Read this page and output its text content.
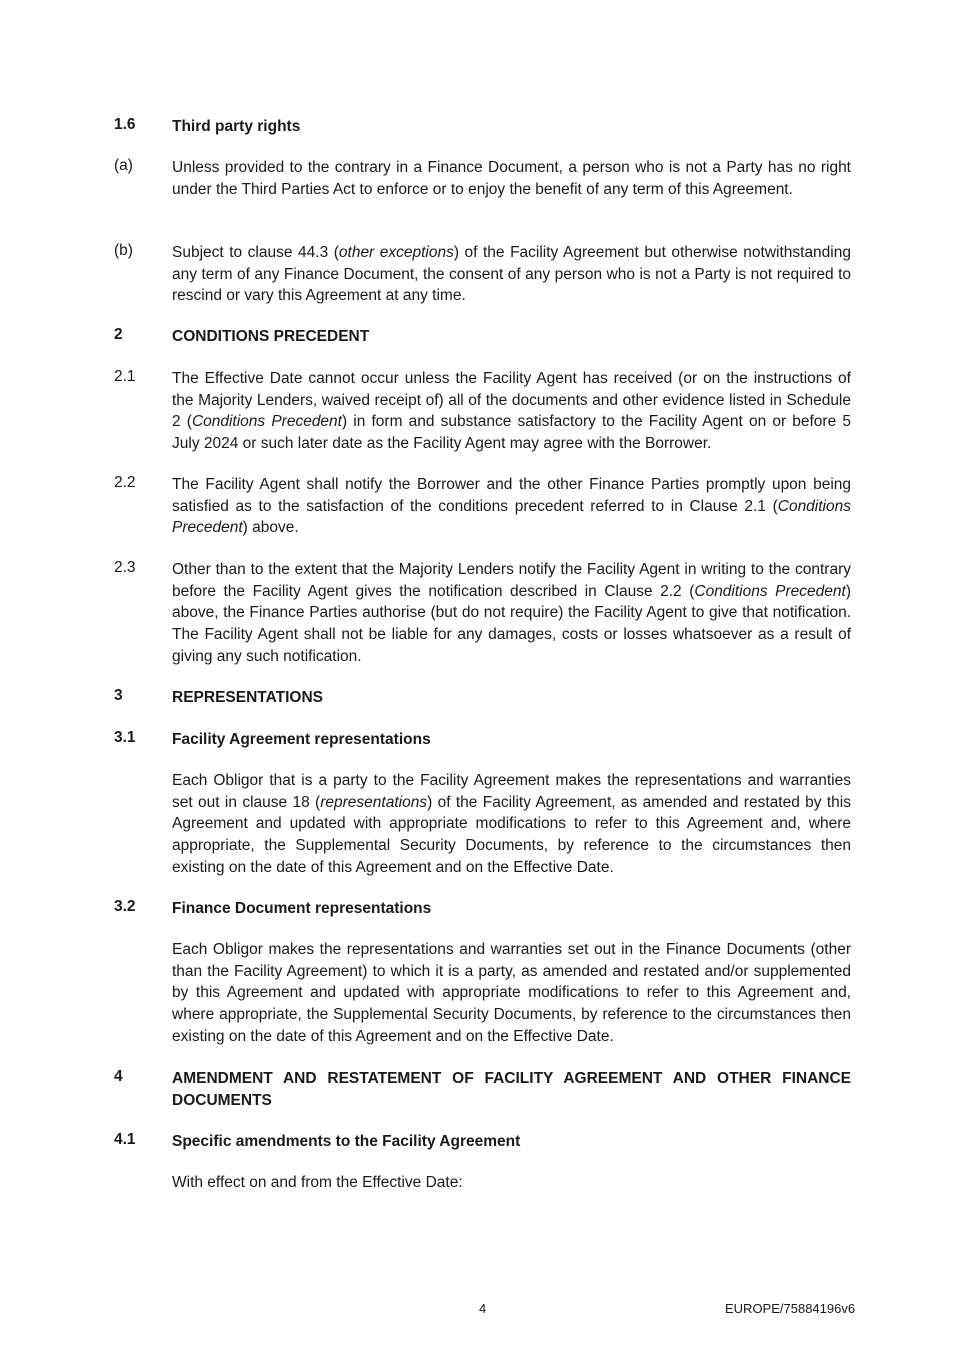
1.6 Third party rights
(a)	Unless provided to the contrary in a Finance Document, a person who is not a Party has no right under the Third Parties Act to enforce or to enjoy the benefit of any term of this Agreement.
(b)	Subject to clause 44.3 (other exceptions) of the Facility Agreement but otherwise notwithstanding any term of any Finance Document, the consent of any person who is not a Party is not required to rescind or vary this Agreement at any time.
2	CONDITIONS PRECEDENT
2.1 The Effective Date cannot occur unless the Facility Agent has received (or on the instructions of the Majority Lenders, waived receipt of) all of the documents and other evidence listed in Schedule 2 (Conditions Precedent) in form and substance satisfactory to the Facility Agent on or before 5 July 2024 or such later date as the Facility Agent may agree with the Borrower.
2.2 The Facility Agent shall notify the Borrower and the other Finance Parties promptly upon being satisfied as to the satisfaction of the conditions precedent referred to in Clause 2.1 (Conditions Precedent) above.
2.3 Other than to the extent that the Majority Lenders notify the Facility Agent in writing to the contrary before the Facility Agent gives the notification described in Clause 2.2 (Conditions Precedent) above, the Finance Parties authorise (but do not require) the Facility Agent to give that notification. The Facility Agent shall not be liable for any damages, costs or losses whatsoever as a result of giving any such notification.
3	REPRESENTATIONS
3.1 Facility Agreement representations
Each Obligor that is a party to the Facility Agreement makes the representations and warranties set out in clause 18 (representations) of the Facility Agreement, as amended and restated by this Agreement and updated with appropriate modifications to refer to this Agreement and, where appropriate, the Supplemental Security Documents, by reference to the circumstances then existing on the date of this Agreement and on the Effective Date.
3.2 Finance Document representations
Each Obligor makes the representations and warranties set out in the Finance Documents (other than the Facility Agreement) to which it is a party, as amended and restated and/or supplemented by this Agreement and updated with appropriate modifications to refer to this Agreement and, where appropriate, the Supplemental Security Documents, by reference to the circumstances then existing on the date of this Agreement and on the Effective Date.
4	AMENDMENT AND RESTATEMENT OF FACILITY AGREEMENT AND OTHER FINANCE DOCUMENTS
4.1 Specific amendments to the Facility Agreement
With effect on and from the Effective Date:
4	EUROPE/75884196v6
